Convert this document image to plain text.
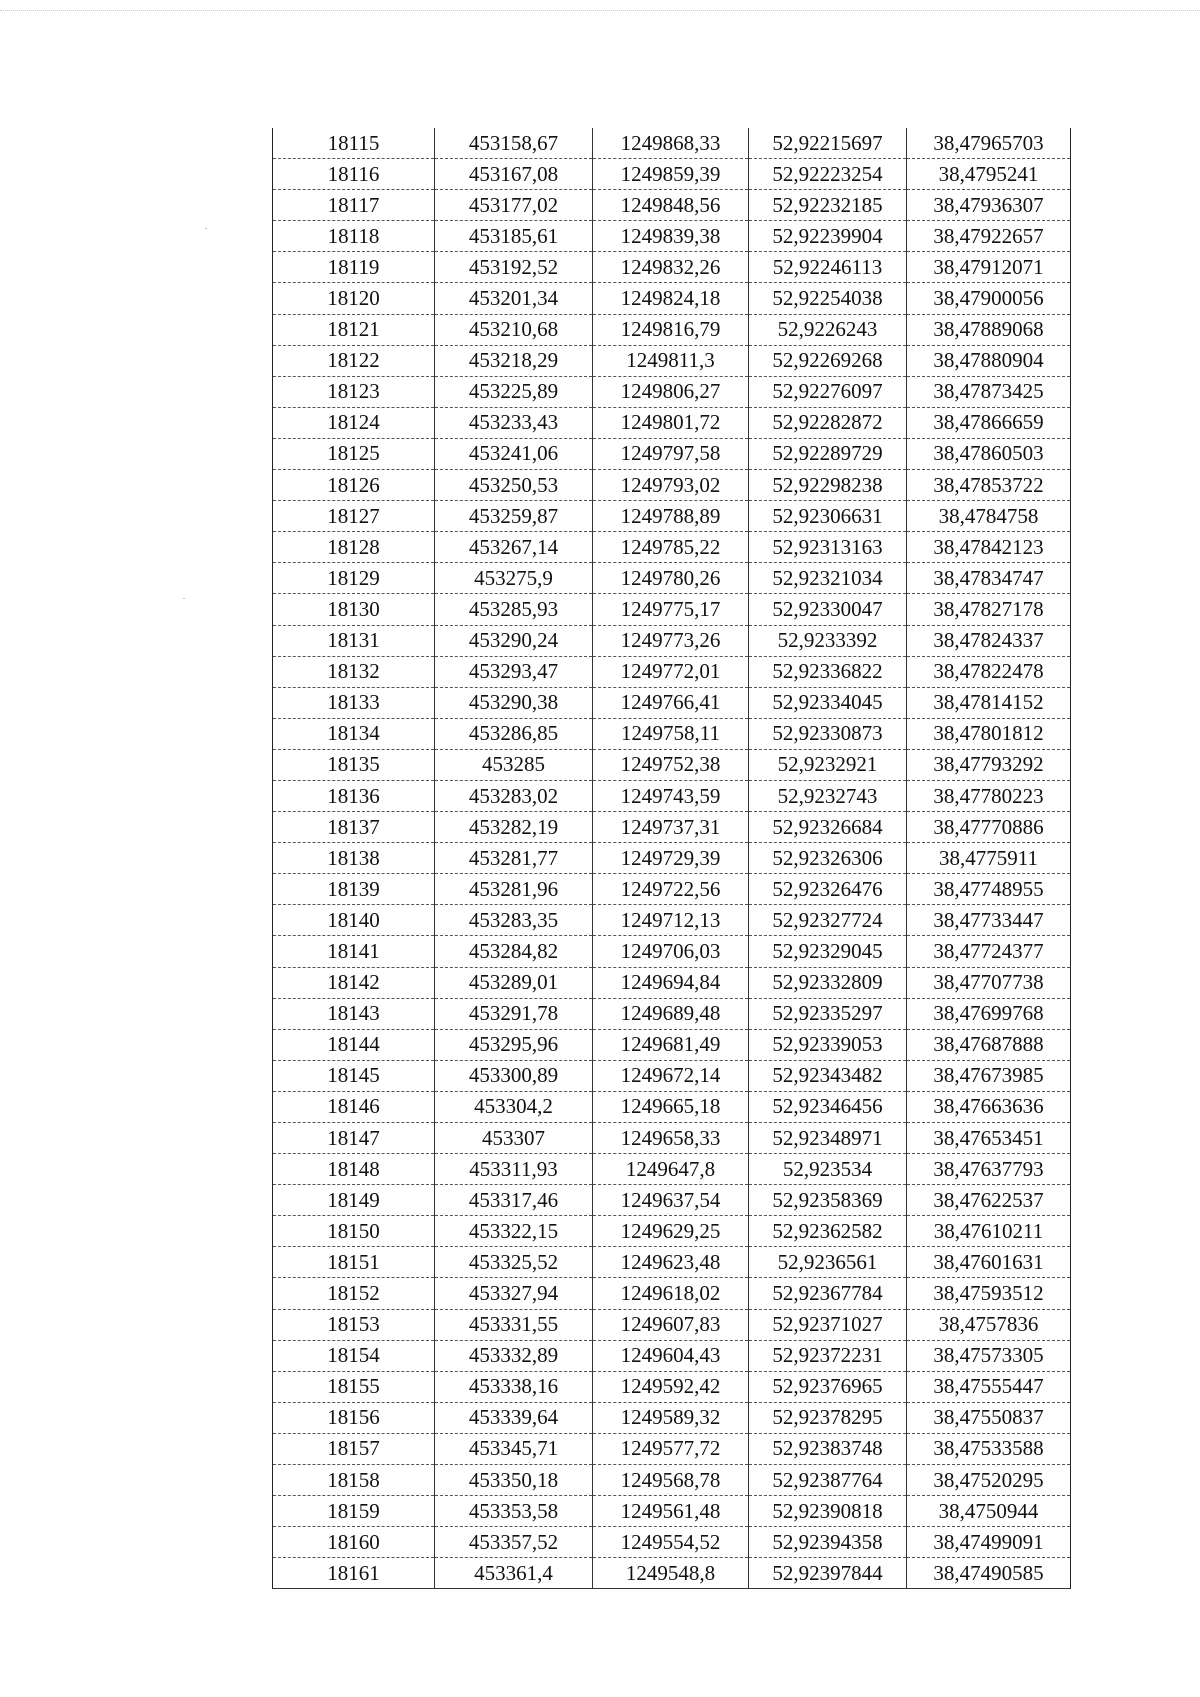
18115	453158,67	1249868,33	52,92215697	38,47965703
18116	453167,08	1249859,39	52,92223254	38,4795241
18117	453177,02	1249848,56	52,92232185	38,47936307
18118	453185,61	1249839,38	52,92239904	38,47922657
18119	453192,52	1249832,26	52,92246113	38,47912071
18120	453201,34	1249824,18	52,92254038	38,47900056
18121	453210,68	1249816,79	52,9226243	38,47889068
18122	453218,29	1249811,3	52,92269268	38,47880904
18123	453225,89	1249806,27	52,92276097	38,47873425
18124	453233,43	1249801,72	52,92282872	38,47866659
18125	453241,06	1249797,58	52,92289729	38,47860503
18126	453250,53	1249793,02	52,92298238	38,47853722
18127	453259,87	1249788,89	52,92306631	38,4784758
18128	453267,14	1249785,22	52,92313163	38,47842123
18129	453275,9	1249780,26	52,92321034	38,47834747
18130	453285,93	1249775,17	52,92330047	38,47827178
18131	453290,24	1249773,26	52,9233392	38,47824337
18132	453293,47	1249772,01	52,92336822	38,47822478
18133	453290,38	1249766,41	52,92334045	38,47814152
18134	453286,85	1249758,11	52,92330873	38,47801812
18135	453285	1249752,38	52,9232921	38,47793292
18136	453283,02	1249743,59	52,9232743	38,47780223
18137	453282,19	1249737,31	52,92326684	38,47770886
18138	453281,77	1249729,39	52,92326306	38,4775911
18139	453281,96	1249722,56	52,92326476	38,47748955
18140	453283,35	1249712,13	52,92327724	38,47733447
18141	453284,82	1249706,03	52,92329045	38,47724377
18142	453289,01	1249694,84	52,92332809	38,47707738
18143	453291,78	1249689,48	52,92335297	38,47699768
18144	453295,96	1249681,49	52,92339053	38,47687888
18145	453300,89	1249672,14	52,92343482	38,47673985
18146	453304,2	1249665,18	52,92346456	38,47663636
18147	453307	1249658,33	52,92348971	38,47653451
18148	453311,93	1249647,8	52,923534	38,47637793
18149	453317,46	1249637,54	52,92358369	38,47622537
18150	453322,15	1249629,25	52,92362582	38,47610211
18151	453325,52	1249623,48	52,9236561	38,47601631
18152	453327,94	1249618,02	52,92367784	38,47593512
18153	453331,55	1249607,83	52,92371027	38,4757836
18154	453332,89	1249604,43	52,92372231	38,47573305
18155	453338,16	1249592,42	52,92376965	38,47555447
18156	453339,64	1249589,32	52,92378295	38,47550837
18157	453345,71	1249577,72	52,92383748	38,47533588
18158	453350,18	1249568,78	52,92387764	38,47520295
18159	453353,58	1249561,48	52,92390818	38,4750944
18160	453357,52	1249554,52	52,92394358	38,47499091
18161	453361,4	1249548,8	52,92397844	38,47490585
